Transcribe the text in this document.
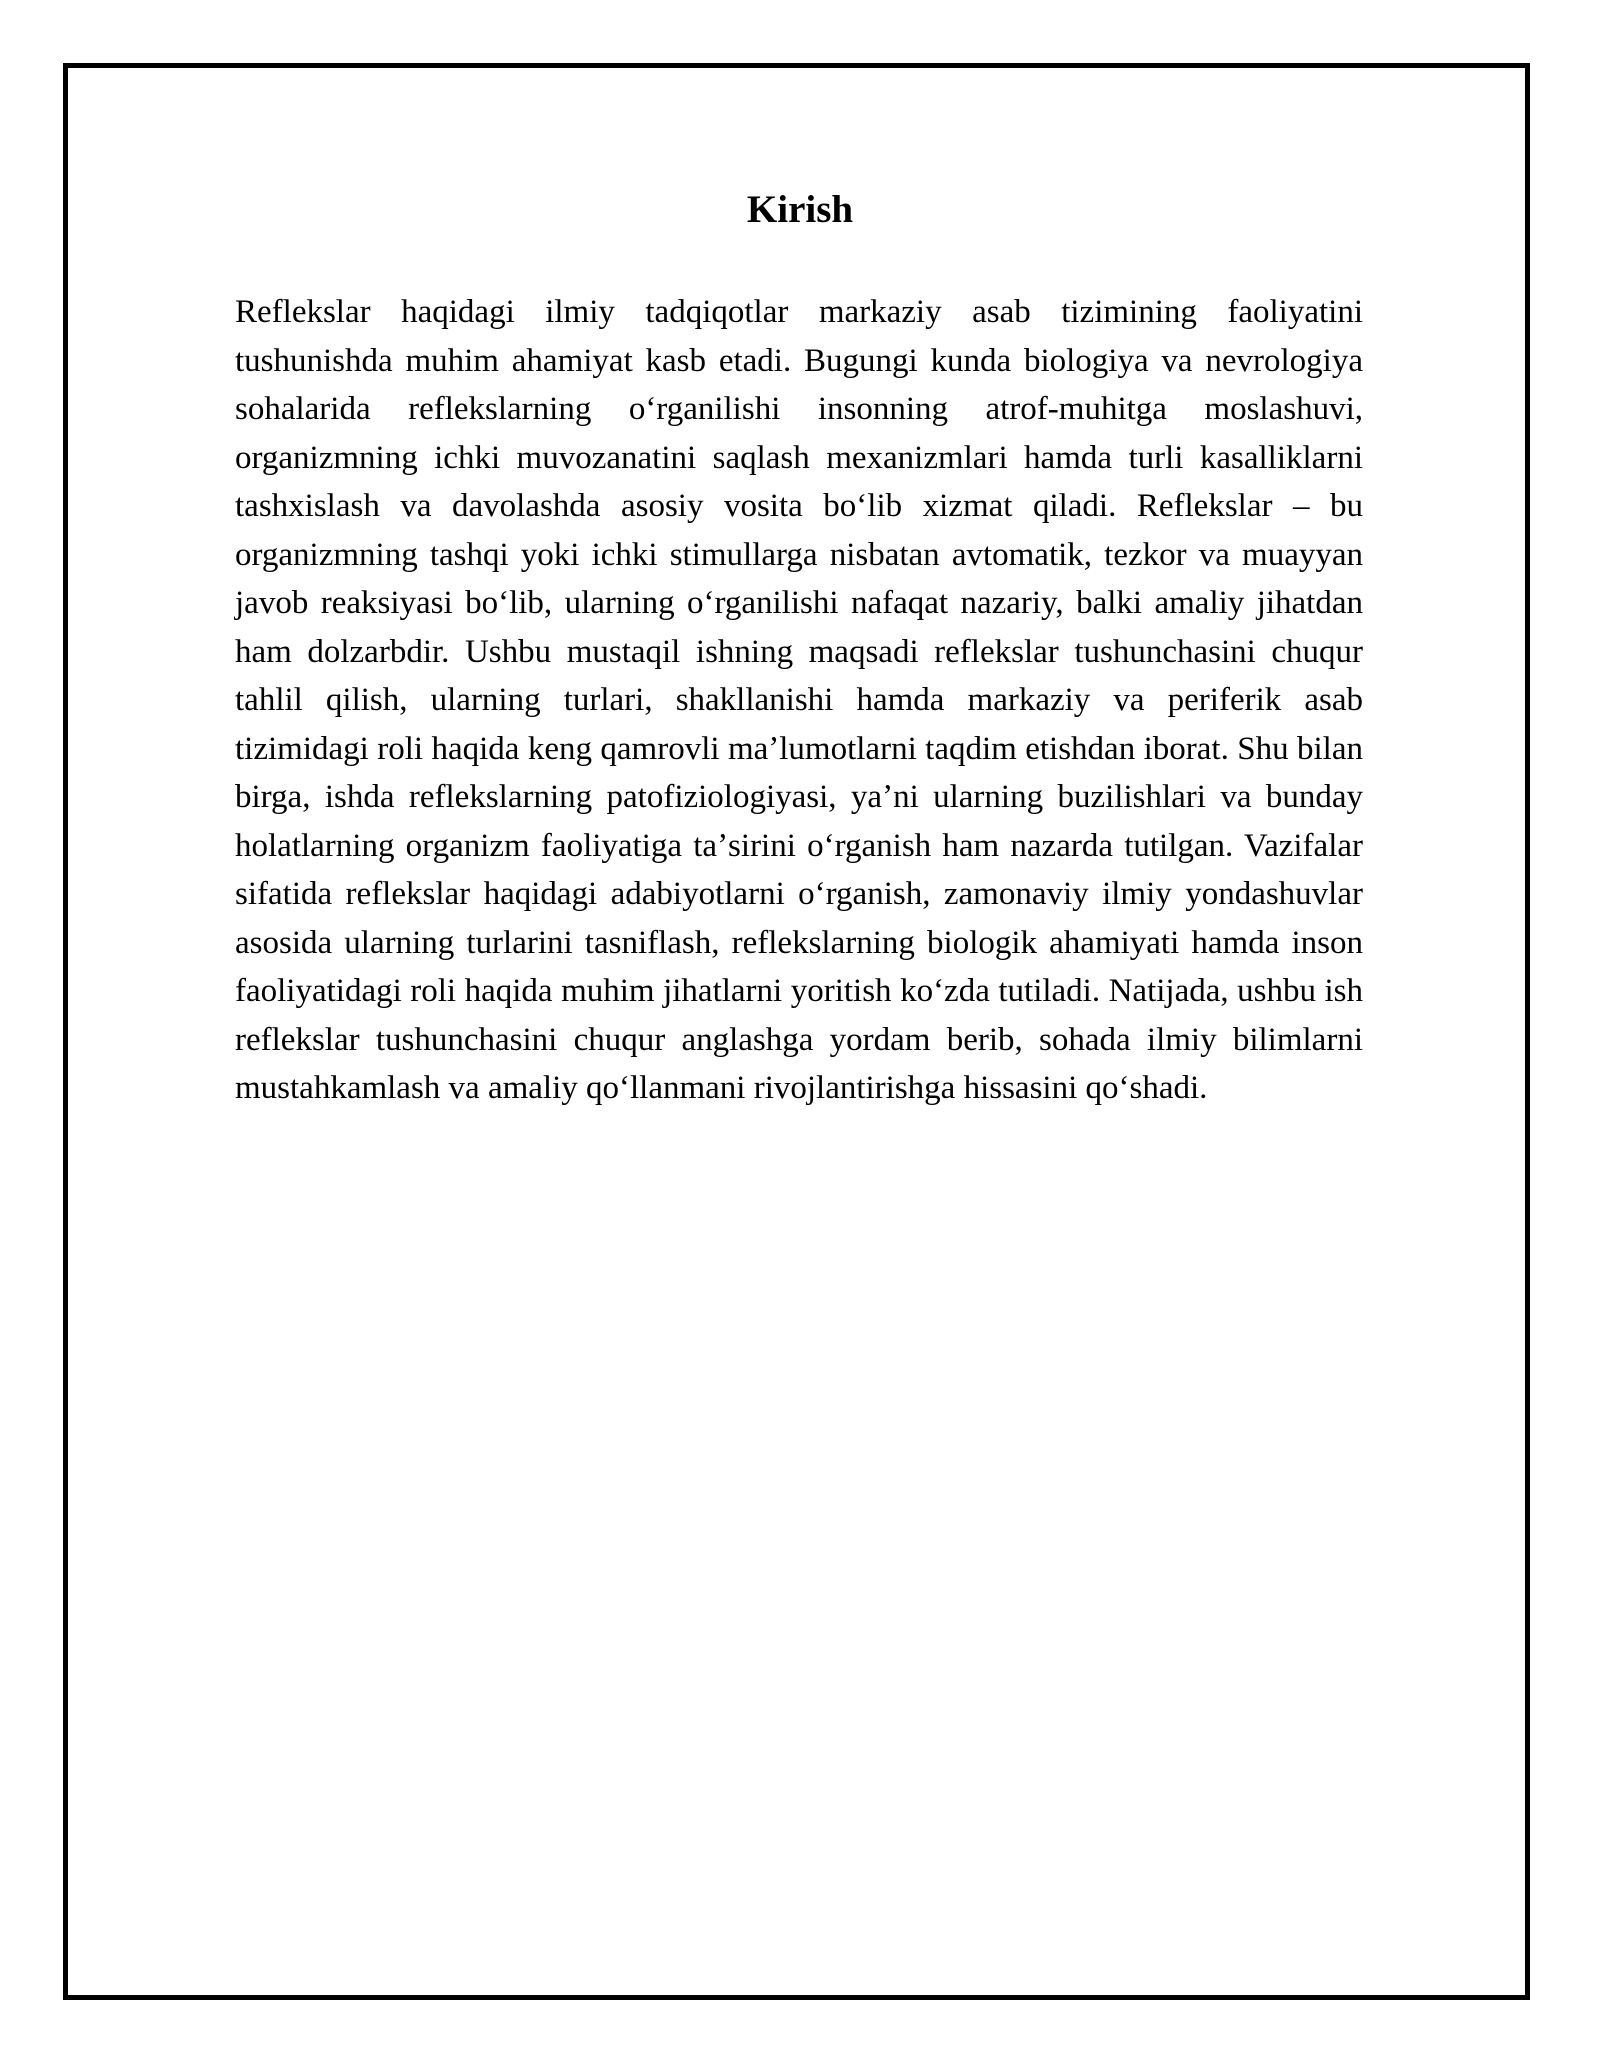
Kirish

Reflekslar haqidagi ilmiy tadqiqotlar markaziy asab tizimining faoliyatini tushunishda muhim ahamiyat kasb etadi. Bugungi kunda biologiya va nevrologiya sohalarida reflekslarning oʻrganilishi insonning atrof-muhitga moslashuvi, organizmning ichki muvozanatini saqlash mexanizmlari hamda turli kasalliklarni tashxislash va davolashda asosiy vosita boʻlib xizmat qiladi. Reflekslar – bu organizmning tashqi yoki ichki stimullarga nisbatan avtomatik, tezkor va muayyan javob reaksiyasi boʻlib, ularning oʻrganilishi nafaqat nazariy, balki amaliy jihatdan ham dolzarbdir. Ushbu mustaqil ishning maqsadi reflekslar tushunchasini chuqur tahlil qilish, ularning turlari, shakllanishi hamda markaziy va periferik asab tizimidagi roli haqida keng qamrovli maʼlumotlarni taqdim etishdan iborat. Shu bilan birga, ishda reflekslarning patofiziologiyasi, yaʼni ularning buzilishlari va bunday holatlarning organizm faoliyatiga taʼsirini oʻrganish ham nazarda tutilgan. Vazifalar sifatida reflekslar haqidagi adabiyotlarni oʻrganish, zamonaviy ilmiy yondashuvlar asosida ularning turlarini tasniflash, reflekslarning biologik ahamiyati hamda inson faoliyatidagi roli haqida muhim jihatlarni yoritish koʻzda tutiladi. Natijada, ushbu ish reflekslar tushunchasini chuqur anglashga yordam berib, sohada ilmiy bilimlarni mustahkamlash va amaliy qoʻllanmani rivojlantirishga hissasini qoʻshadi.
